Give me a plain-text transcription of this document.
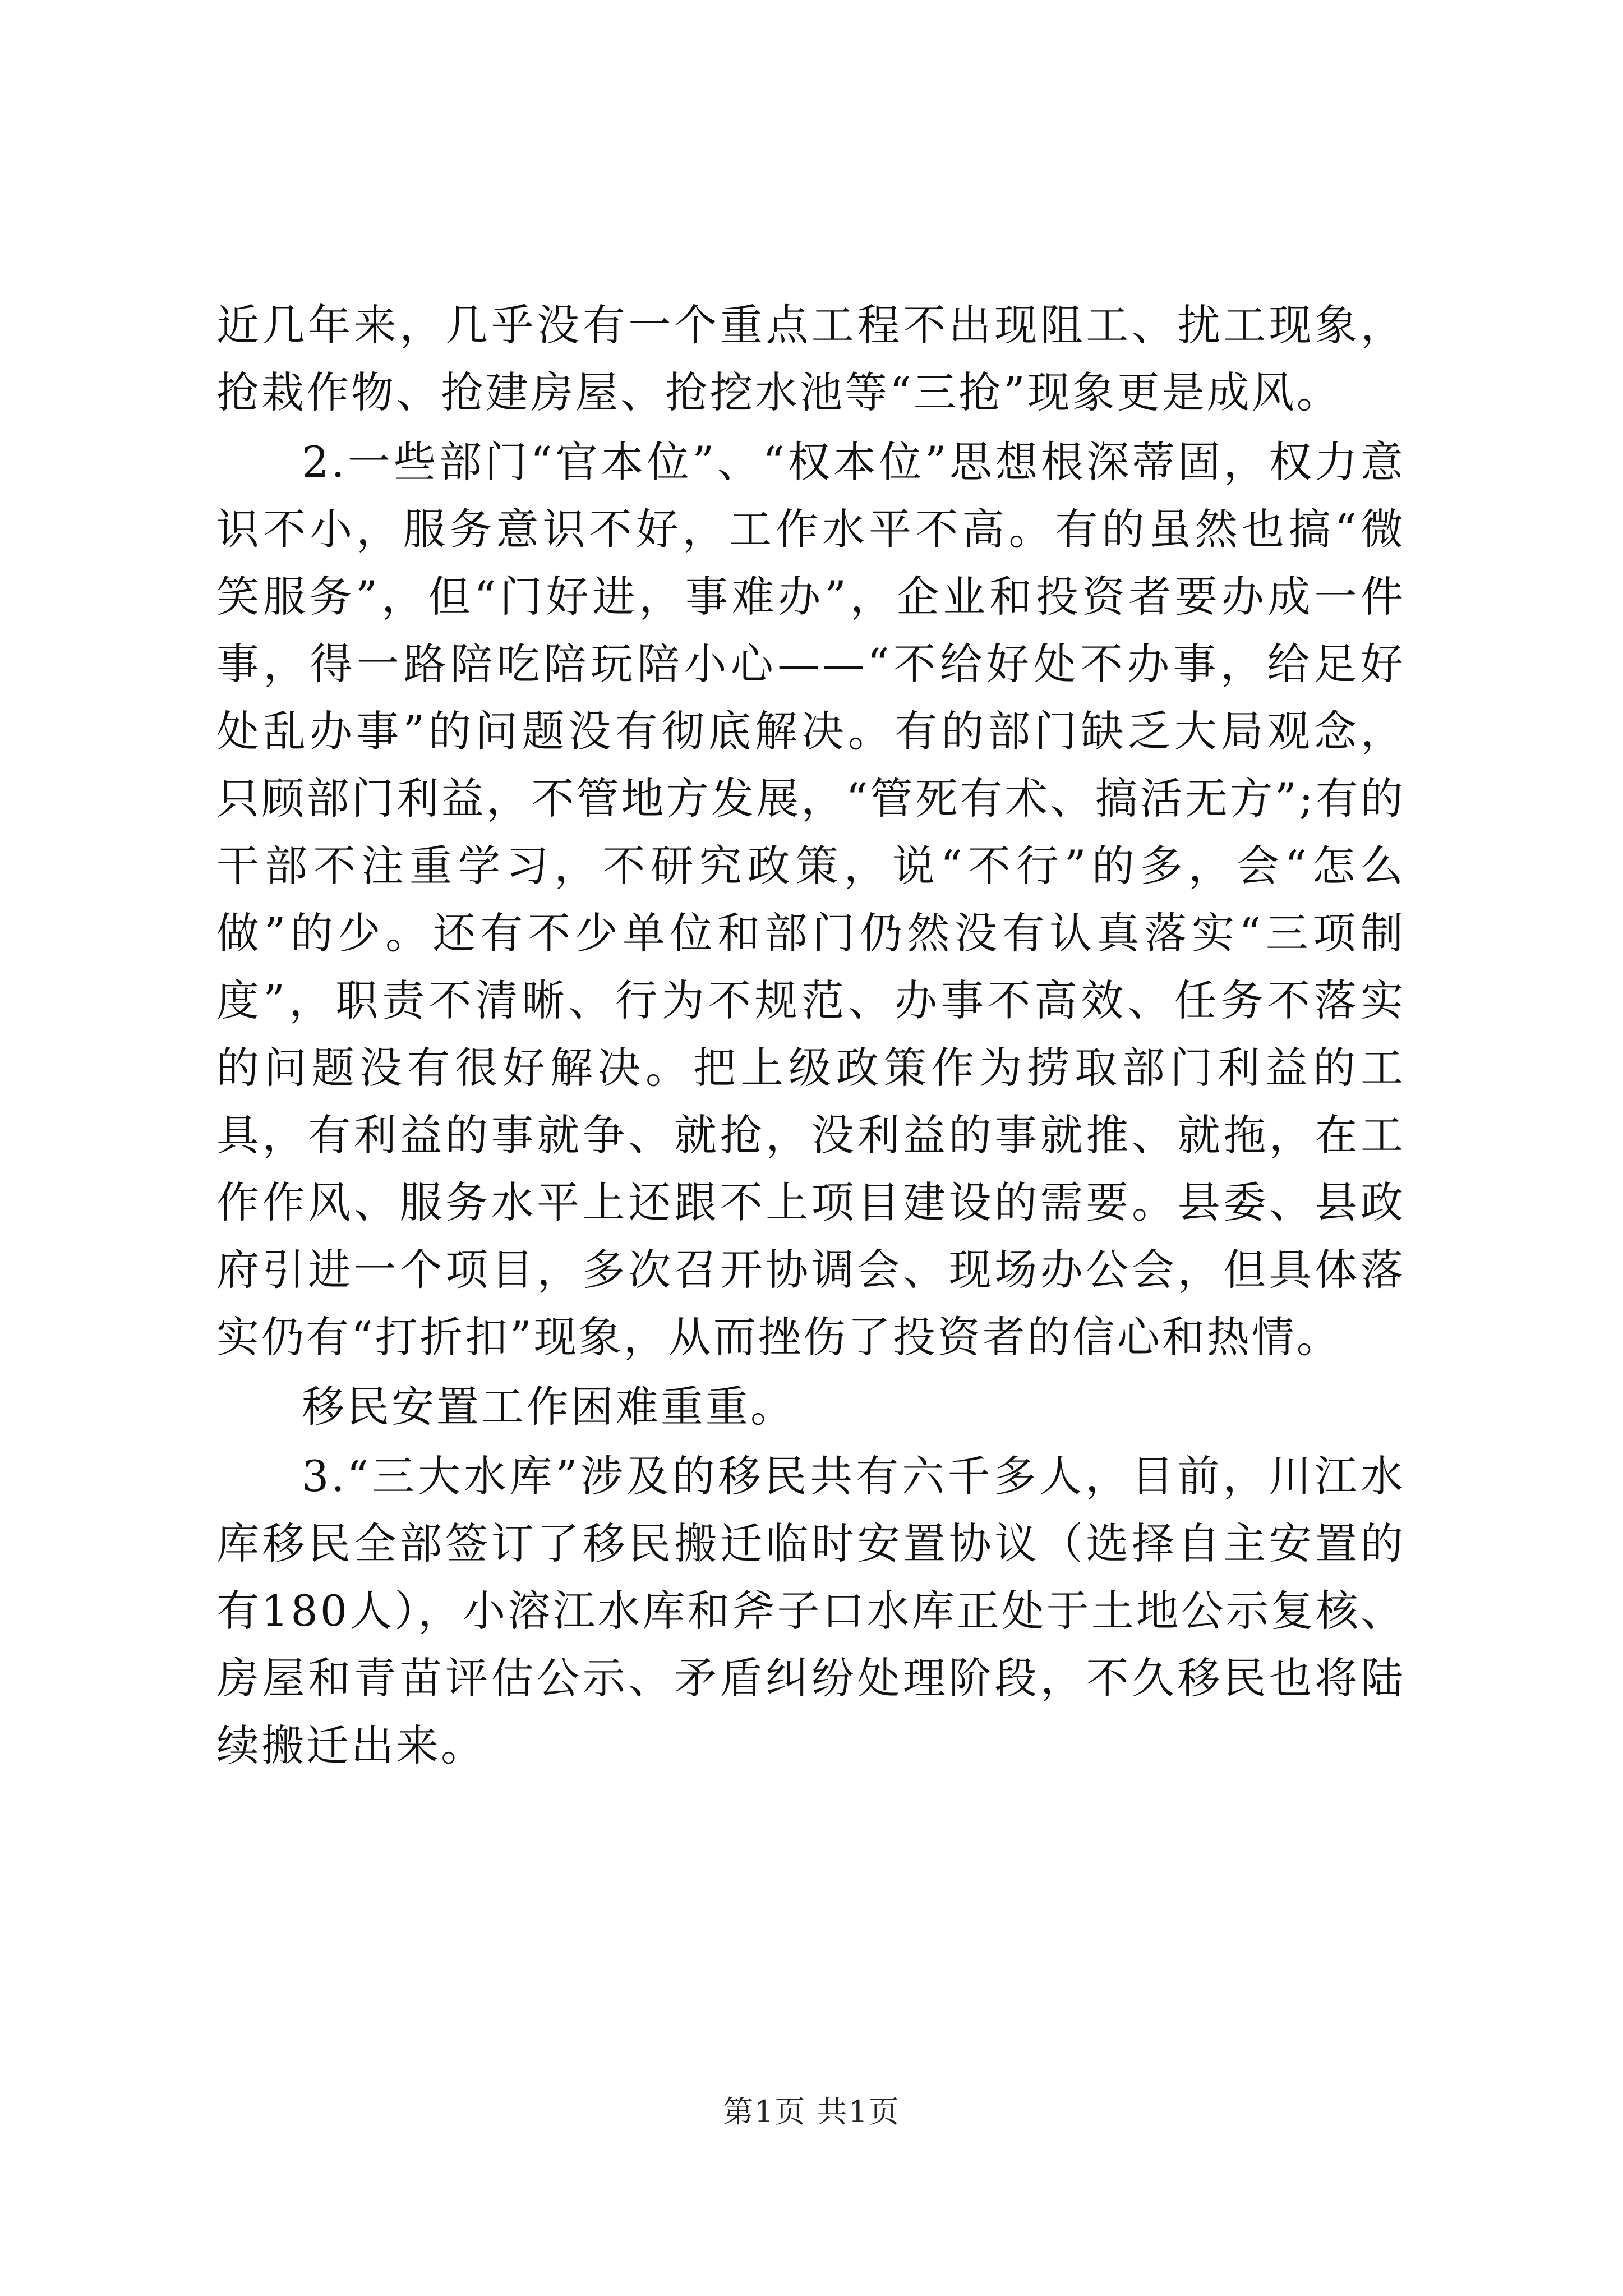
近几年来，几乎没有一个重点工程不出现阻工、扰工现象，抢栽作物、抢建房屋、抢挖水池等“三抢”现象更是成风。

2.一些部门“官本位”、“权本位”思想根深蒂固，权力意识不小，服务意识不好，工作水平不高。有的虽然也搞“微笑服务”，但“门好进，事难办”，企业和投资者要办成一件事，得一路陪吃陪玩陪小心——“不给好处不办事，给足好处乱办事”的问题没有彻底解决。有的部门缺乏大局观念，只顾部门利益，不管地方发展，“管死有术、搞活无方”;有的干部不注重学习，不研究政策，说“不行”的多，会“怎么做”的少。还有不少单位和部门仍然没有认真落实“三项制度”，职责不清晰、行为不规范、办事不高效、任务不落实的问题没有很好解决。把上级政策作为捞取部门利益的工具，有利益的事就争、就抢，没利益的事就推、就拖，在工作作风、服务水平上还跟不上项目建设的需要。县委、县政府引进一个项目，多次召开协调会、现场办公会，但具体落实仍有“打折扣”现象，从而挫伤了投资者的信心和热情。

移民安置工作困难重重。

3.“三大水库”涉及的移民共有六千多人，目前，川江水库移民全部签订了移民搬迁临时安置协议（选择自主安置的有180人），小溶江水库和斧子口水库正处于土地公示复核、房屋和青苗评估公示、矛盾纠纷处理阶段，不久移民也将陆续搬迁出来。

第1页 共1页
